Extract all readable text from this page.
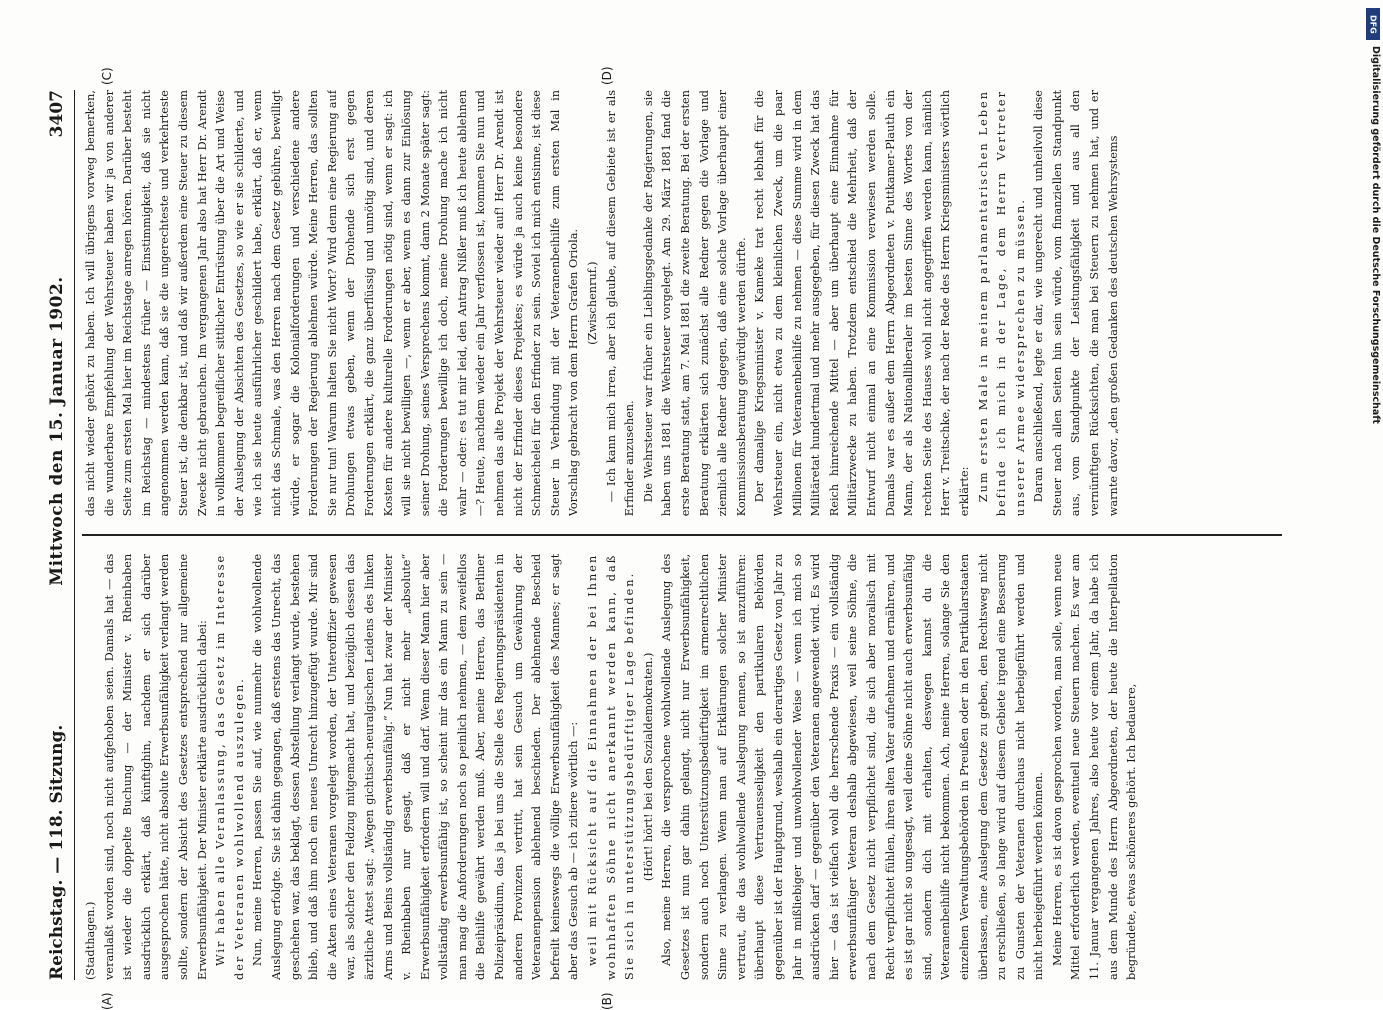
Reichstag. — 118. Sitzung.
Mittwoch den 15. Januar 1902.
3407

(Stadthagen.) veranlaßt worden sind, noch nicht aufgehoben seien. Damals hat — das ist wieder die doppelte Buchung — der Minister v. Rheinbaben ausdrücklich erklärt, daß künftighin, nachdem er sich darüber ausgesprochen hätte, nicht absolute Erwerbsunfähigkeit verlangt werden sollte, sondern der Absicht des Gesetzes entsprechend nur allgemeine Erwerbsunfähigkeit. Der Minister erklärte ausdrücklich dabei: Wir haben alle Veranlassung, das Gesetz im Interesse der Veteranen wohlwollend auszulegen. Nun, meine Herren, passen Sie auf, wie nunmehr die wohlwollende Auslegung erfolgte. Sie ist dahin gegangen, daß erstens das Unrecht, das geschehen war, das beklagt, dessen Abstellung verlangt wurde, bestehen blieb, und daß ihm noch ein neues Unrecht hinzugefügt wurde. Mir sind die Akten eines Veteranen vorgelegt worden, der Unteroffizier gewesen war, als solcher den Feldzug mitgemacht hat, und bezüglich dessen das ärztliche Attest sagt: „Wegen gichtisch-neuralgischen Leidens des linken Arms und Beins vollständig erwerbsunfähig.“ Nun hat zwar der Minister v. Rheinbaben nur gesagt, daß er nicht mehr „absolute“ Erwerbsunfähigkeit erfordern will und darf. Wenn dieser Mann hier aber vollständig erwerbsunfähig ist, so scheint mir das ein Mann zu sein — man mag die Anforderungen noch so peinlich nehmen, — dem zweifellos die Beihilfe gewährt werden muß. Aber, meine Herren, das Berliner Polizeipräsidium, das ja bei uns die Stelle des Regierungspräsidenten in anderen Provinzen vertritt, hat sein Gesuch um Gewährung der Veteranenpension ablehnend beschieden. Der ablehnende Bescheid befreilt keineswegs die völlige Erwerbsunfähigkeit des Mannes; er sagt aber das Gesuch ab — ich zitiere wörtlich —: weil mit Rücksicht auf die Einnahmen der bei Ihnen wohnhaften Söhne nicht anerkannt werden kann, daß Sie sich in unterstützungsbedürftiger Lage befinden. (Hört! hört! bei den Sozialdemokraten.) Also, meine Herren, die versprochene wohlwollende Auslegung des Gesetzes ist nun gar dahin gelangt, nicht nur Erwerbsunfähigkeit, sondern auch noch Unterstützungsbedürftigkeit im armenrechtlichen Sinne zu verlangen. Wenn man auf Erklärungen solcher Minister vertraut, die das wohlwollende Auslegung nennen, so ist anzuführen: überhaupt diese Vertrauensseligkeit den partikularen Behörden gegenüber ist der Hauptgrund, weshalb ein derartiges Gesetz von Jahr zu Jahr in mißliebiger und unwohlwollender Weise — wenn ich mich so ausdrücken darf — gegenüber den Veteranen angewendet wird. Es wird hier — das ist vielfach wohl die herrschende Praxis — ein vollständig erwerbsunfähiger Veteran deshalb abgewiesen, weil seine Söhne, die nach dem Gesetz nicht verpflichtet sind, die sich aber moralisch mit Recht verpflichtet fühlen, ihren alten Vater aufnehmen und ernähren, und es ist gar nicht so ungesagt, weil deine Söhne nicht auch erwerbsunfähig sind, sondern dich mit erhalten, deswegen kannst du die Veteranenbeihilfe nicht bekommen. Ach, meine Herren, solange Sie den einzelnen Verwaltungsbehörden in Preußen oder in den Partikularstaaten überlassen, eine Auslegung dem Gesetze zu geben, den Rechtsweg nicht zu erschließen, so lange wird auf diesem Gebiete irgend eine Besserung zu Gunsten der Veteranen durchaus nicht herbeigeführt werden und nicht herbeigeführt werden können. Meine Herren, es ist davon gesprochen worden, man solle, wenn neue Mittel erforderlich werden, eventuell neue Steuern machen. Es war am 11. Januar vergangenen Jahres, also heute vor einem Jahr, da habe ich aus dem Munde des Herrn Abgeordneten, der heute die Interpellation begründete, etwas schöneres gehört. Ich bedauere,

das nicht wieder gehört zu haben. Ich will übrigens vorweg bemerken, die wunderbare Empfehlung der Wehrsteuer haben wir ja von anderer Seite zum ersten Mal hier im Reichstage anregen hören. Darüber besteht im Reichstag — mindestens früher — Einstimmigkeit, daß sie nicht angenommen werden kann, daß sie die ungerechteste und verkehrteste Steuer ist, die denkbar ist, und daß wir außerdem eine Steuer zu diesem Zwecke nicht gebrauchen. Im vergangenen Jahr also hat Herr Dr. Arendt in vollkommen begreiflicher sittlicher Entrüstung über die Art und Weise der Auslegung der Absichten des Gesetzes, so wie er sie schilderte, und wie ich sie heute ausführlicher geschildert habe, erklärt, daß er, wenn nicht das Schmale, was den Herren nach dem Gesetz gebühre, bewilligt würde, er sogar die Kolonialforderungen und verschiedene andere Forderungen der Regierung ablehnen würde. Meine Herren, das sollten Sie nur tun! Warum halten Sie nicht Wort? Wird denn eine Regierung auf Drohungen etwas geben, wenn der Drohende sich erst gegen Forderungen erklärt, die ganz überflüssig und unnötig sind, und deren Kosten für andere kulturelle Forderungen nötig sind, wenn er sagt: ich will sie nicht bewilligen —, wenn er aber, wenn es dann zur Einlösung seiner Drohung, seines Versprechens kommt, dann 2 Monate später sagt: die Forderungen bewillige ich doch, meine Drohung mache ich nicht wahr — oder: es tut mir leid, den Antrag Nißler muß ich heute ablehnen —? Heute, nachdem wieder ein Jahr verflossen ist, kommen Sie nun und nehmen das alte Projekt der Wehrsteuer wieder auf! Herr Dr. Arendt ist nicht der Erfinder dieses Projektes; es würde ja auch keine besondere Schmeichelei für den Erfinder zu sein. Soviel ich mich entsinne, ist diese Steuer in Verbindung mit der Veteranenbeihilfe zum ersten Mal in Vorschlag gebracht von dem Herrn Grafen Oriola. (Zwischenruf.) — Ich kann mich irren, aber ich glaube, auf diesem Gebiete ist er als Erfinder anzusehen. Die Wehrsteuer war früher ein Lieblingsgedanke der Regierungen, sie haben uns 1881 die Wehrsteuer vorgelegt. Am 29. März 1881 fand die erste Beratung statt, am 7. Mai 1881 die zweite Beratung. Bei der ersten Beratung erklärten sich zunächst alle Redner gegen die Vorlage und ziemlich alle Redner dagegen, daß eine solche Vorlage überhaupt einer Kommissionsberatung gewürdigt werden dürfte. Der damalige Kriegsminister v. Kameke trat recht lebhaft für die Wehrsteuer ein, nicht etwa zu dem kleinlichen Zweck, um die paar Millionen für Veteranenbeihilfe zu nehmen — diese Summe wird in dem Militäretat hundertmal und mehr ausgegeben, für diesen Zweck hat das Reich hinreichende Mittel — aber um überhaupt eine Einnahme für Militärzwecke zu haben. Trotzdem entschied die Mehrheit, daß der Entwurf nicht einmal an eine Kommission verwiesen werden solle. Damals war es außer dem Herrn Abgeordneten v. Puttkamer-Plauth ein Mann, der als Nationalliberaler im besten Sinne des Wortes von der rechten Seite des Hauses wohl nicht angegriffen werden kann, nämlich Herr v. Treitschke, der nach der Rede des Herrn Kriegsministers wörtlich erklärte: Zum ersten Male in meinem parlamentarischen Leben befinde ich mich in der Lage, dem Herrn Vertreter unserer Armee widersprechen zu müssen. Daran anschließend, legte er dar, wie ungerecht und unheilvoll diese Steuer nach allen Seiten hin sein würde, vom finanziellen Standpunkt aus, vom Standpunkte der Leistungsfähigkeit und aus all den vernünftigen Rücksichten, die man bei Steuern zu nehmen hat, und er warnte davor, „den großen Gedanken des deutschen Wehrsystems

(A)	(B)
(C)	(D)
DFG
Digitalisierung gefördert durch die Deutsche Forschungsgemeinschaft
